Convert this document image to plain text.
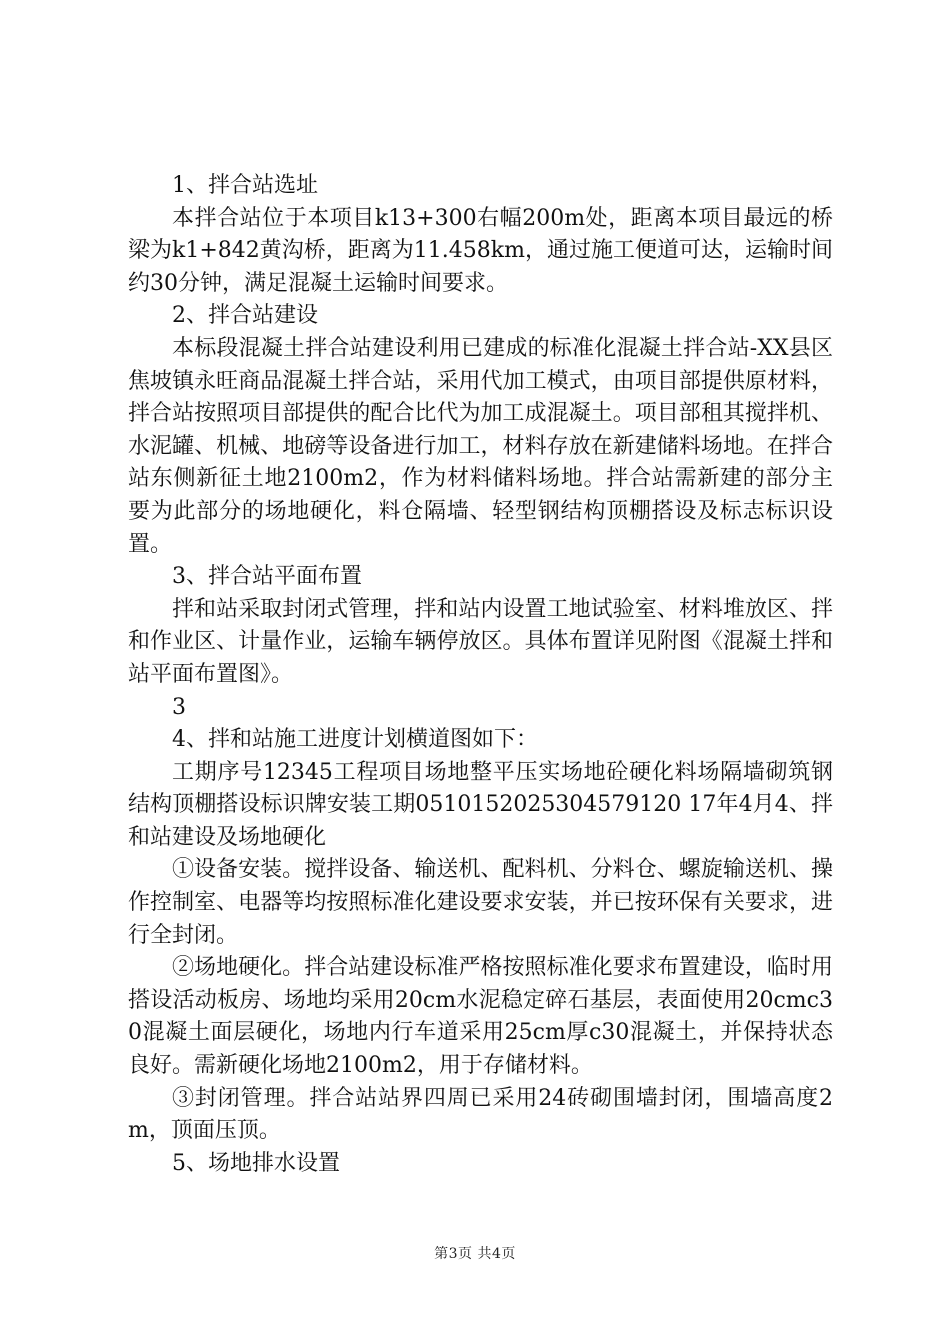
1、拌合站选址

本拌合站位于本项目k13+300右幅200m处，距离本项目最远的桥梁为k1+842黄沟桥，距离为11.458km，通过施工便道可达，运输时间约30分钟，满足混凝土运输时间要求。

2、拌合站建设

本标段混凝土拌合站建设利用已建成的标准化混凝土拌合站-XX县区焦坡镇永旺商品混凝土拌合站，采用代加工模式，由项目部提供原材料，拌合站按照项目部提供的配合比代为加工成混凝土。项目部租其搅拌机、水泥罐、机械、地磅等设备进行加工，材料存放在新建储料场地。在拌合站东侧新征土地2100m2，作为材料储料场地。拌合站需新建的部分主要为此部分的场地硬化，料仓隔墙、轻型钢结构顶棚搭设及标志标识设置。

3、拌合站平面布置

拌和站采取封闭式管理，拌和站内设置工地试验室、材料堆放区、拌和作业区、计量作业，运输车辆停放区。具体布置详见附图《混凝土拌和站平面布置图》。

3

4、拌和站施工进度计划横道图如下：

工期序号12345工程项目场地整平压实场地砼硬化料场隔墙砌筑钢结构顶棚搭设标识牌安装工期0510152025304579120 17年4月4、拌和站建设及场地硬化

①设备安装。搅拌设备、输送机、配料机、分料仓、螺旋输送机、操作控制室、电器等均按照标准化建设要求安装，并已按环保有关要求，进行全封闭。

②场地硬化。拌合站建设标准严格按照标准化要求布置建设，临时用搭设活动板房、场地均采用20cm水泥稳定碎石基层，表面使用20cmc30混凝土面层硬化，场地内行车道采用25cm厚c30混凝土，并保持状态良好。需新硬化场地2100m2，用于存储材料。

③封闭管理。拌合站站界四周已采用24砖砌围墙封闭，围墙高度2m，顶面压顶。

5、场地排水设置

第3页 共4页
